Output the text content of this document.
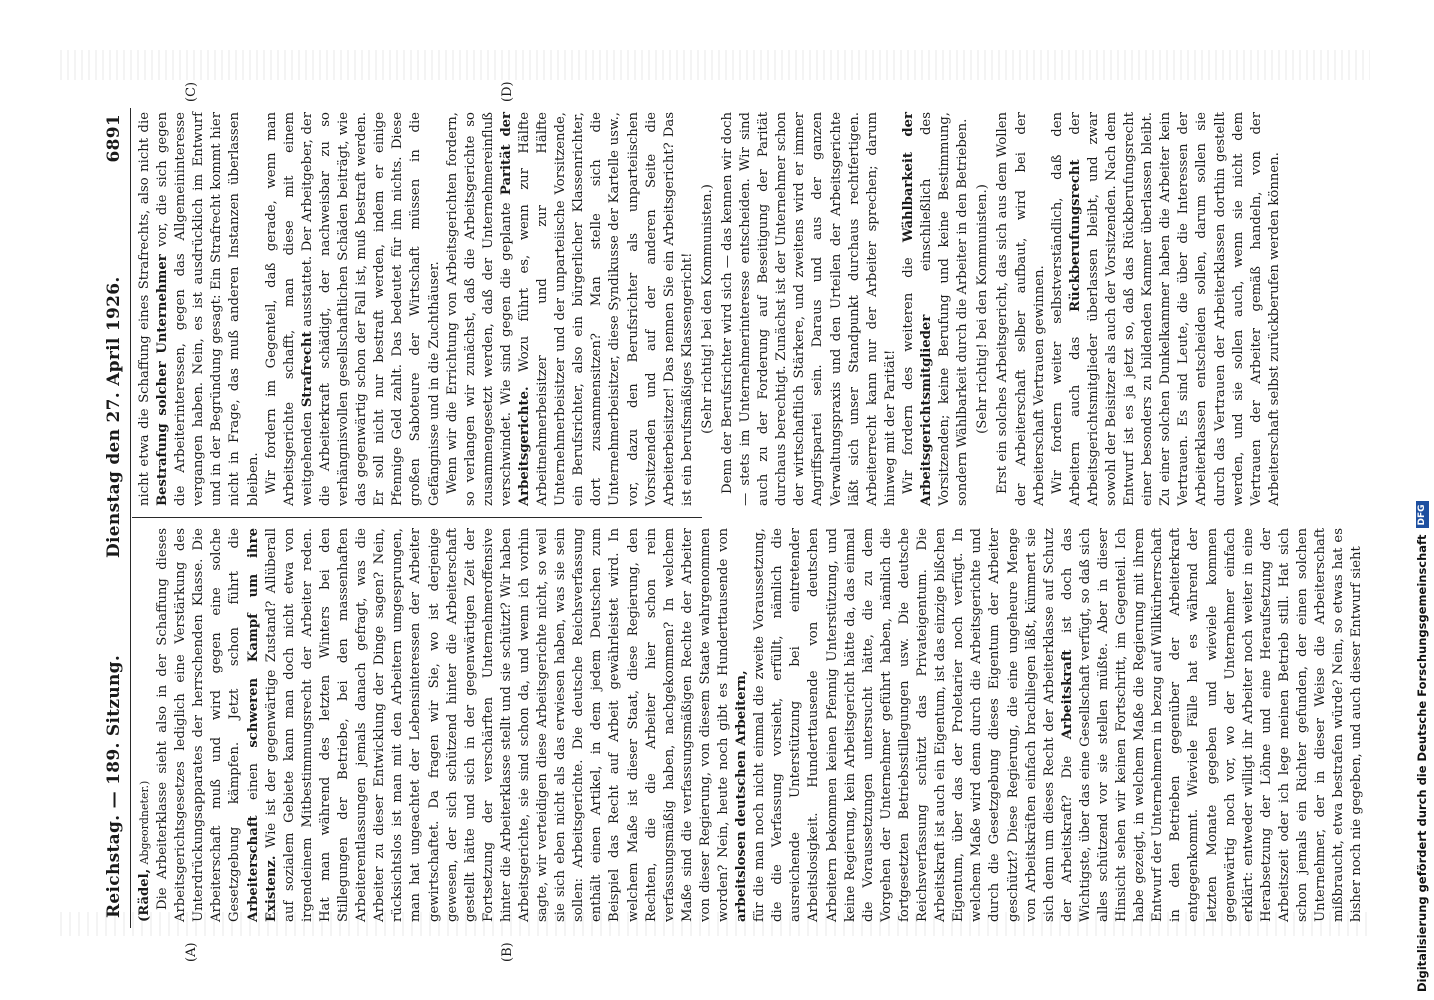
Reichstag. — 189. Sitzung.
Dienstag den 27. April 1926.
6891
(A)	(B)
(C)	(D)

(Rädel, Abgeordneter.) Die Arbeiterklasse sieht also in der Schaffung dieses Arbeitsgerichtsgesetzes lediglich eine Verstärkung des Unterdrückungsapparates der herrschenden Klasse. Die Arbeiterschaft muß und wird gegen eine solche Gesetzgebung kämpfen. Jetzt schon führt die Arbeiterschaft einen schweren Kampf um ihre Existenz. Wie ist der gegenwärtige Zustand? Allüberall auf sozialem Gebiete kann man doch nicht etwa von irgendeinem Mitbestimmungsrecht der Arbeiter reden. Hat man während des letzten Winters bei den Stillegungen der Betriebe, bei den massenhaften Arbeiterentlassungen jemals danach gefragt, was die Arbeiter zu dieser Entwicklung der Dinge sagen? Nein, rücksichtslos ist man mit den Arbeitern umgesprungen, man hat ungeachtet der Lebensinteressen der Arbeiter gewirtschaftet. Da fragen wir Sie, wo ist derjenige gewesen, der sich schützend hinter die Arbeiterschaft gestellt hätte und sich in der gegenwärtigen Zeit der Fortsetzung der verschärften Unternehmeroffensive hinter die Arbeiterklasse stellt und sie schützt? Wir haben Arbeitsgerichte, sie sind schon da, und wenn ich vorhin sagte, wir verteidigen diese Arbeitsgerichte nicht, so weil sie sich eben nicht als das erwiesen haben, was sie sein sollen: Arbeitsgerichte. Die deutsche Reichsverfassung enthält einen Artikel, in dem jedem Deutschen zum Beispiel das Recht auf Arbeit gewährleistet wird. In welchem Maße ist dieser Staat, diese Regierung, den Rechten, die die Arbeiter hier schon rein verfassungsmäßig haben, nachgekommen? In welchem Maße sind die verfassungsmäßigen Rechte der Arbeiter von dieser Regierung, von diesem Staate wahrgenommen worden? Nein, heute noch gibt es Hunderttausende von arbeitslosen deutschen Arbeitern, für die man noch nicht einmal die zweite Voraussetzung, die die Verfassung vorsieht, erfüllt, nämlich die ausreichende Unterstützung bei eintretender Arbeitslosigkeit. Hunderttausende von deutschen Arbeitern bekommen keinen Pfennig Unterstützung, und keine Regierung, kein Arbeitsgericht hätte da, das einmal die Voraussetzungen untersucht hätte, die zu dem Vorgehen der Unternehmer geführt haben, nämlich die fortgesetzten Betriebsstillegungen usw. Die deutsche Reichsverfassung schützt das Privateigentum. Die Arbeitskraft ist auch ein Eigentum, ist das einzige bißchen Eigentum, über das der Proletarier noch verfügt. In welchem Maße wird denn durch die Arbeitsgerichte und durch die Gesetzgebung dieses Eigentum der Arbeiter geschützt? Diese Regierung, die eine ungeheure Menge von Arbeitskräften einfach brachliegen läßt, kümmert sie sich denn um dieses Recht der Arbeiterklasse auf Schutz der Arbeitskraft? Die Arbeitskraft ist doch das Wichtigste, über das eine Gesellschaft verfügt, so daß sich alles schützend vor sie stellen müßte. Aber in dieser Hinsicht sehen wir keinen Fortschritt, im Gegenteil. Ich habe gezeigt, in welchem Maße die Regierung mit ihrem Entwurf der Unternehmern in bezug auf Willkürherrschaft in den Betrieben gegenüber der Arbeiterkraft entgegenkommt. Wieviele Fälle hat es während der letzten Monate gegeben und wieviele kommen gegenwärtig noch vor, wo der Unternehmer einfach erklärt: entweder willigt ihr Arbeiter noch weiter in eine Herabsetzung der Löhne und eine Heraufsetzung der Arbeitszeit oder ich lege meinen Betrieb still. Hat sich schon jemals ein Richter gefunden, der einen solchen Unternehmer, der in dieser Weise die Arbeiterschaft mißbraucht, etwa bestrafen würde? Nein, so etwas hat es bisher noch nie gegeben, und auch dieser Entwurf sieht

nicht etwa die Schaffung eines Strafrechts, also nicht die Bestrafung solcher Unternehmer vor, die sich gegen die Arbeiterinteressen, gegen das Allgemeininteresse vergangen haben. Nein, es ist ausdrücklich im Entwurf und in der Begründung gesagt: Ein Strafrecht kommt hier nicht in Frage, das muß anderen Instanzen überlassen bleiben. Wir fordern im Gegenteil, daß gerade, wenn man Arbeitsgerichte schafft, man diese mit einem weitgehenden Strafrecht ausstattet. Der Arbeitgeber, der die Arbeiterkraft schädigt, der nachweisbar zu so verhängnisvollen gesellschaftlichen Schäden beiträgt, wie das gegenwärtig schon der Fall ist, muß bestraft werden. Er soll nicht nur bestraft werden, indem er einige Pfennige Geld zahlt. Das bedeutet für ihn nichts. Diese großen Saboteure der Wirtschaft müssen in die Gefängnisse und in die Zuchthäuser. Wenn wir die Errichtung von Arbeitsgerichten fordern, so verlangen wir zunächst, daß die Arbeitsgerichte so zusammengesetzt werden, daß der Unternehmereinfluß verschwindet. Wie sind gegen die geplante Parität der Arbeitsgerichte. Wozu führt es, wenn zur Hälfte Arbeitnehmerbeisitzer und zur Hälfte Unternehmerbeisitzer und der unparteiische Vorsitzende, ein Berufsrichter, also ein bürgerlicher Klassenrichter, dort zusammensitzen? Man stelle sich die Unternehmerbeisitzer, diese Syndikusse der Kartelle usw., vor, dazu den Berufsrichter als unparteiischen Vorsitzenden und auf der anderen Seite die Arbeiterbeisitzer! Das nennen Sie ein Arbeitsgericht? Das ist ein berufsmäßiges Klassengericht! (Sehr richtig! bei den Kommunisten.) Denn der Berufsrichter wird sich — das kennen wir doch — stets im Unternehmerinteresse entscheiden. Wir sind auch zu der Forderung auf Beseitigung der Parität durchaus berechtigt. Zunächst ist der Unternehmer schon der wirtschaftlich Stärkere, und zweitens wird er immer Angriffspartei sein. Daraus und aus der ganzen Verwaltungspraxis und den Urteilen der Arbeitsgerichte läßt sich unser Standpunkt durchaus rechtfertigen. Arbeiterrecht kann nur der Arbeiter sprechen; darum hinweg mit der Parität! Wir fordern des weiteren die Wählbarkeit der Arbeitsgerichtsmitglieder einschließlich des Vorsitzenden; keine Berufung und keine Bestimmung, sondern Wählbarkeit durch die Arbeiter in den Betrieben. (Sehr richtig! bei den Kommunisten.) Erst ein solches Arbeitsgericht, das sich aus dem Wollen der Arbeiterschaft selber aufbaut, wird bei der Arbeiterschaft Vertrauen gewinnen. Wir fordern weiter selbstverständlich, daß den Arbeitern auch das Rückberufungsrecht der Arbeitsgerichtsmitglieder überlassen bleibt, und zwar sowohl der Beisitzer als auch der Vorsitzenden. Nach dem Entwurf ist es ja jetzt so, daß das Rückberufungsrecht einer besonders zu bildenden Kammer überlassen bleibt. Zu einer solchen Dunkelkammer haben die Arbeiter kein Vertrauen. Es sind Leute, die über die Interessen der Arbeiterklassen entscheiden sollen, darum sollen sie durch das Vertrauen der Arbeiterklassen dorthin gestellt werden, und sie sollen auch, wenn sie nicht dem Vertrauen der Arbeiter gemäß handeln, von der Arbeiterschaft selbst zurückberufen werden können.

Digitalisierung gefördert durch die Deutsche Forschungsgemeinschaft
DFG
